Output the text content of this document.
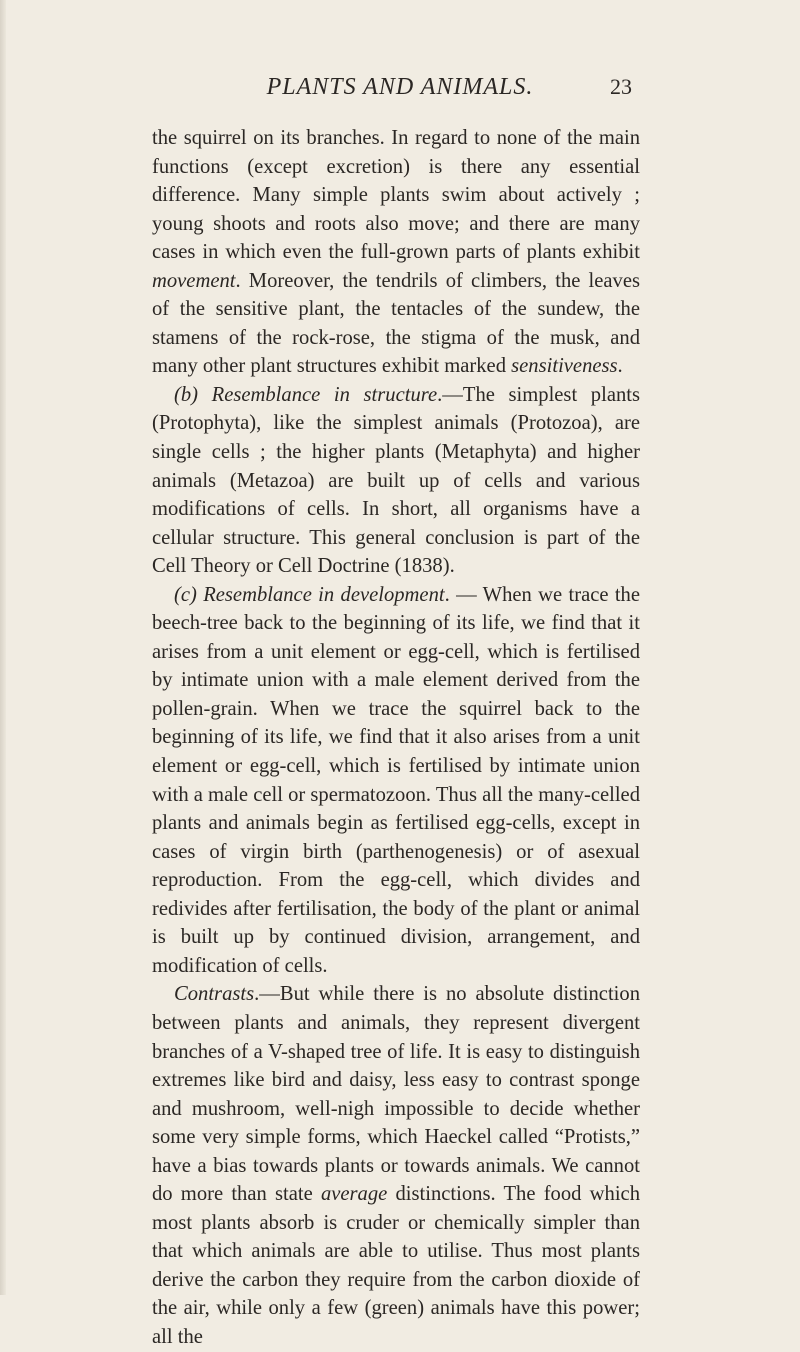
PLANTS AND ANIMALS.	23

the squirrel on its branches. In regard to none of the main functions (except excretion) is there any essential difference. Many simple plants swim about actively ; young shoots and roots also move; and there are many cases in which even the full-grown parts of plants exhibit movement. Moreover, the tendrils of climbers, the leaves of the sensitive plant, the tentacles of the sundew, the stamens of the rock-rose, the stigma of the musk, and many other plant structures exhibit marked sensitiveness.

(b) Resemblance in structure.—The simplest plants (Protophyta), like the simplest animals (Protozoa), are single cells ; the higher plants (Metaphyta) and higher animals (Metazoa) are built up of cells and various modifications of cells. In short, all organisms have a cellular structure. This general conclusion is part of the Cell Theory or Cell Doctrine (1838).

(c) Resemblance in development. — When we trace the beech-tree back to the beginning of its life, we find that it arises from a unit element or egg-cell, which is fertilised by intimate union with a male element derived from the pollen-grain. When we trace the squirrel back to the beginning of its life, we find that it also arises from a unit element or egg-cell, which is fertilised by intimate union with a male cell or spermatozoon. Thus all the many-celled plants and animals begin as fertilised egg-cells, except in cases of virgin birth (parthenogenesis) or of asexual reproduction. From the egg-cell, which divides and redivides after fertilisation, the body of the plant or animal is built up by continued division, arrangement, and modification of cells.

Contrasts.—But while there is no absolute distinction between plants and animals, they represent divergent branches of a V-shaped tree of life. It is easy to distinguish extremes like bird and daisy, less easy to contrast sponge and mushroom, well-nigh impossible to decide whether some very simple forms, which Haeckel called “Protists,” have a bias towards plants or towards animals. We cannot do more than state average distinctions. The food which most plants absorb is cruder or chemically simpler than that which animals are able to utilise. Thus most plants derive the carbon they require from the carbon dioxide of the air, while only a few (green) animals have this power; all the
